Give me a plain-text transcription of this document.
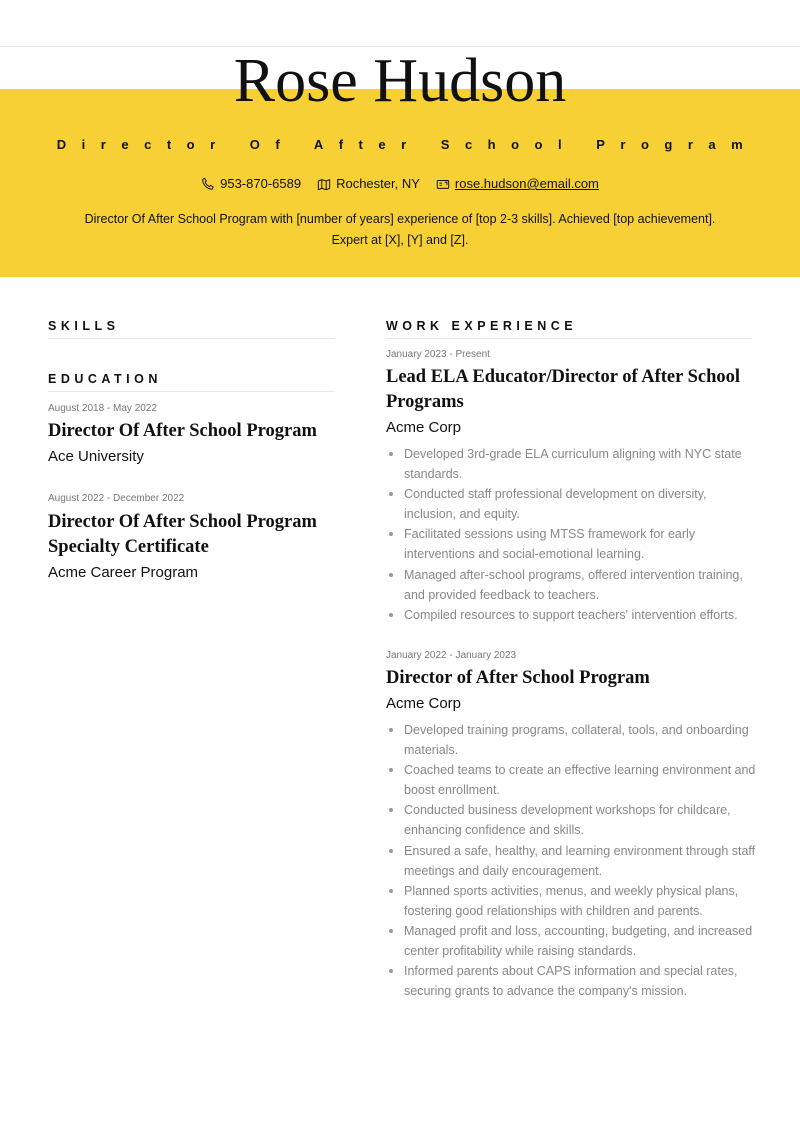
Rose Hudson
Director Of After School Program
953-870-6589	Rochester, NY	rose.hudson@email.com
Director Of After School Program with [number of years] experience of [top 2-3 skills]. Achieved [top achievement]. Expert at [X], [Y] and [Z].
SKILLS
EDUCATION
August 2018 - May 2022
Director Of After School Program
Ace University
August 2022 - December 2022
Director Of After School Program Specialty Certificate
Acme Career Program
WORK EXPERIENCE
January 2023 - Present
Lead ELA Educator/Director of After School Programs
Acme Corp
Developed 3rd-grade ELA curriculum aligning with NYC state standards.
Conducted staff professional development on diversity, inclusion, and equity.
Facilitated sessions using MTSS framework for early interventions and social-emotional learning.
Managed after-school programs, offered intervention training, and provided feedback to teachers.
Compiled resources to support teachers' intervention efforts.
January 2022 - January 2023
Director of After School Program
Acme Corp
Developed training programs, collateral, tools, and onboarding materials.
Coached teams to create an effective learning environment and boost enrollment.
Conducted business development workshops for childcare, enhancing confidence and skills.
Ensured a safe, healthy, and learning environment through staff meetings and daily encouragement.
Planned sports activities, menus, and weekly physical plans, fostering good relationships with children and parents.
Managed profit and loss, accounting, budgeting, and increased center profitability while raising standards.
Informed parents about CAPS information and special rates, securing grants to advance the company's mission.
